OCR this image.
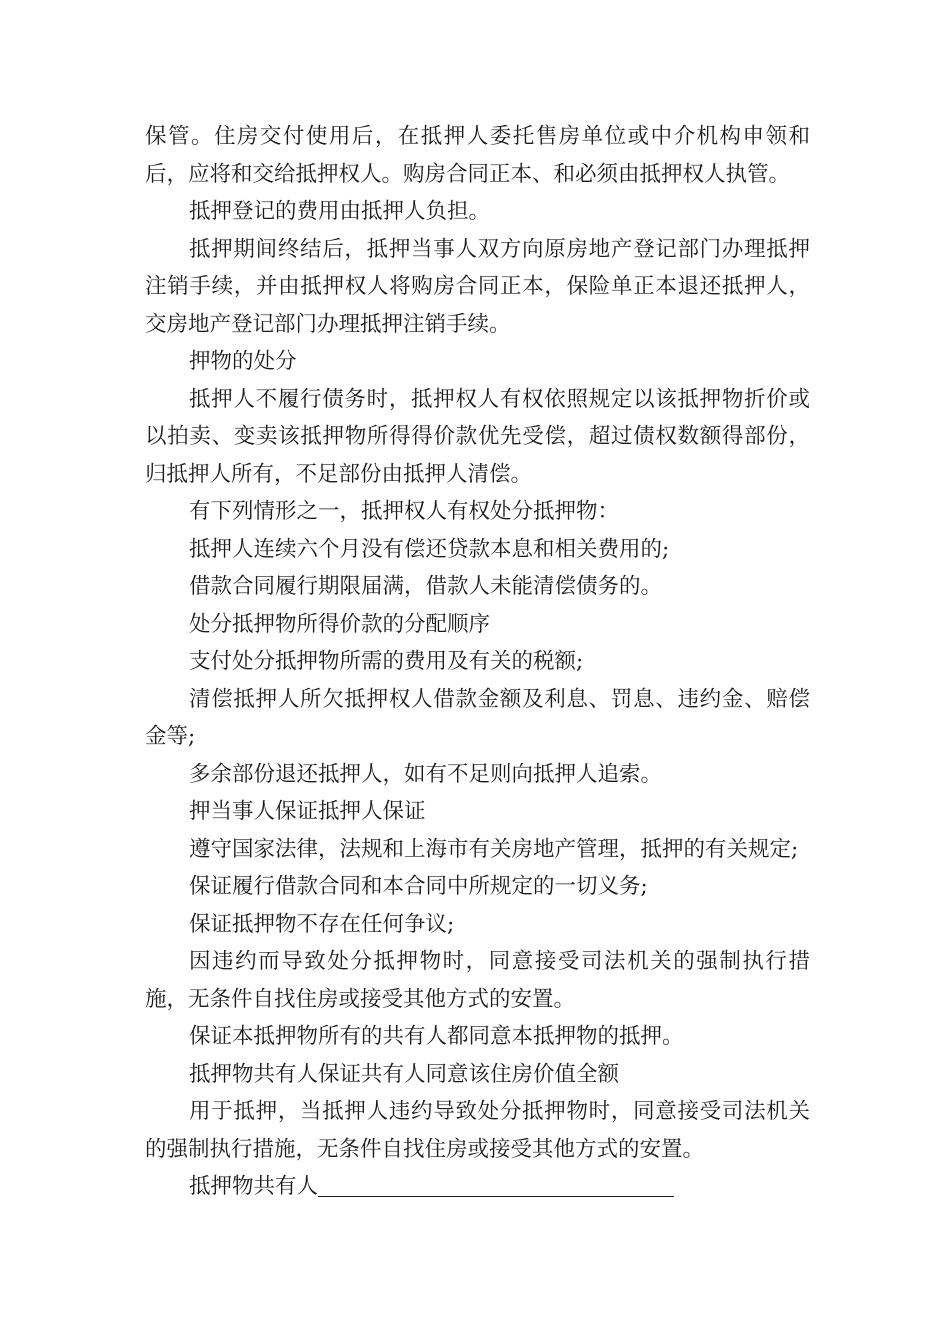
保管。住房交付使用后，在抵押人委托售房单位或中介机构申领和后，应将和交给抵押权人。购房合同正本、和必须由抵押权人执管。

抵押登记的费用由抵押人负担。

抵押期间终结后，抵押当事人双方向原房地产登记部门办理抵押注销手续，并由抵押权人将购房合同正本，保险单正本退还抵押人，交房地产登记部门办理抵押注销手续。

押物的处分

抵押人不履行债务时，抵押权人有权依照规定以该抵押物折价或以拍卖、变卖该抵押物所得得价款优先受偿，超过债权数额得部份，归抵押人所有，不足部份由抵押人清偿。

有下列情形之一，抵押权人有权处分抵押物：

抵押人连续六个月没有偿还贷款本息和相关费用的;

借款合同履行期限届满，借款人未能清偿债务的。

处分抵押物所得价款的分配顺序

支付处分抵押物所需的费用及有关的税额;

清偿抵押人所欠抵押权人借款金额及利息、罚息、违约金、赔偿金等;

多余部份退还抵押人，如有不足则向抵押人追索。

押当事人保证抵押人保证

遵守国家法律，法规和上海市有关房地产管理，抵押的有关规定;

保证履行借款合同和本合同中所规定的一切义务;

保证抵押物不存在任何争议;

因违约而导致处分抵押物时，同意接受司法机关的强制执行措施，无条件自找住房或接受其他方式的安置。

保证本抵押物所有的共有人都同意本抵押物的抵押。

抵押物共有人保证共有人同意该住房价值全额

用于抵押，当抵押人违约导致处分抵押物时，同意接受司法机关的强制执行措施，无条件自找住房或接受其他方式的安置。

抵押物共有人
